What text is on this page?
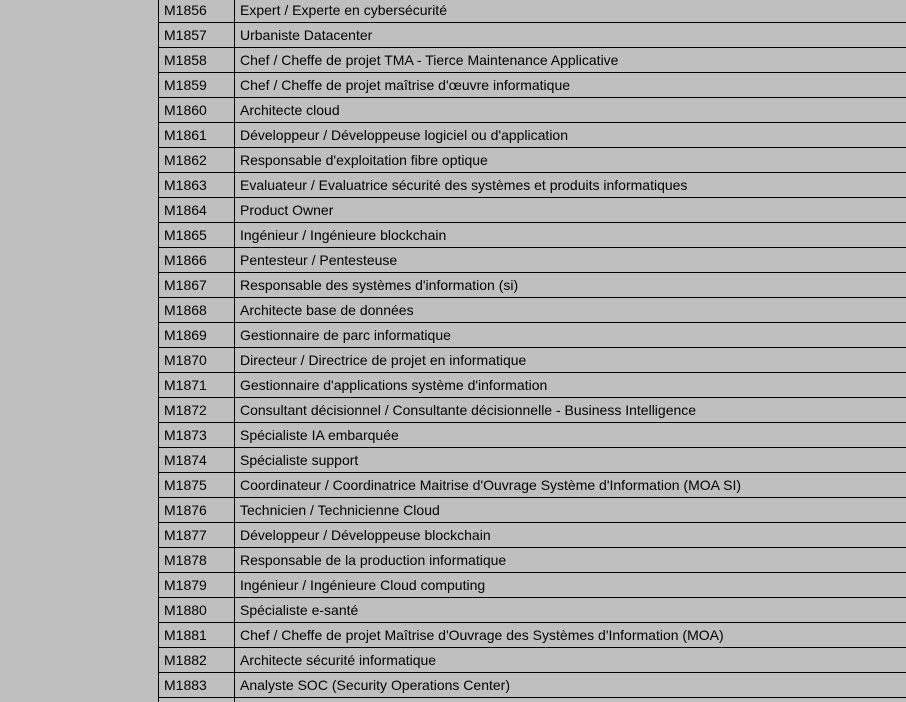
M1856	Expert / Experte en cybersécurité
M1857	Urbaniste Datacenter
M1858	Chef / Cheffe de projet TMA - Tierce Maintenance Applicative
M1859	Chef / Cheffe de projet maîtrise d'œuvre informatique
M1860	Architecte cloud
M1861	Développeur / Développeuse logiciel ou d'application
M1862	Responsable d'exploitation fibre optique
M1863	Evaluateur / Evaluatrice sécurité des systèmes et produits informatiques
M1864	Product Owner
M1865	Ingénieur / Ingénieure blockchain
M1866	Pentesteur / Pentesteuse
M1867	Responsable des systèmes d'information (si)
M1868	Architecte base de données
M1869	Gestionnaire de parc informatique
M1870	Directeur / Directrice de projet en informatique
M1871	Gestionnaire d'applications système d'information
M1872	Consultant décisionnel / Consultante décisionnelle - Business Intelligence
M1873	Spécialiste IA embarquée
M1874	Spécialiste support
M1875	Coordinateur / Coordinatrice Maitrise d'Ouvrage Système d'Information (MOA SI)
M1876	Technicien / Technicienne Cloud
M1877	Développeur / Développeuse blockchain
M1878	Responsable de la production informatique
M1879	Ingénieur / Ingénieure Cloud computing
M1880	Spécialiste e-santé
M1881	Chef / Cheffe de projet Maîtrise d'Ouvrage des Systèmes d'Information (MOA)
M1882	Architecte sécurité informatique
M1883	Analyste SOC (Security Operations Center)
